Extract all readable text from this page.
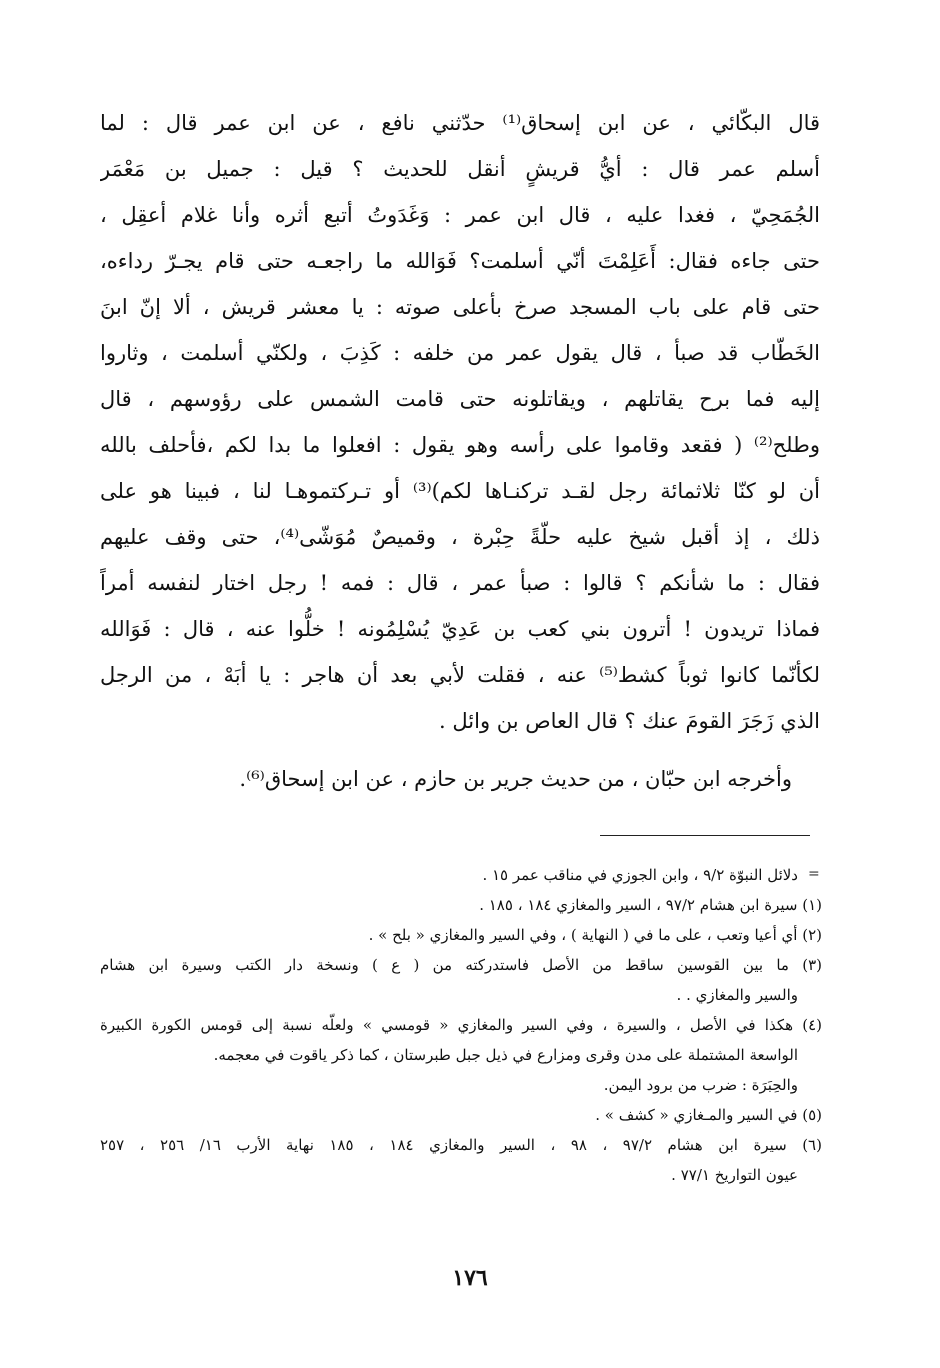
قال البكّائي ، عن ابن إسحاق⁽¹⁾ حدّثني نافع ، عن ابن عمر قال : لما

أسلم عمر قال : أيُّ قريشٍ أنقل للحديث ؟ قيل : جميل بن مَعْمَر

الجُمَحِيّ ، فغدا عليه ، قال ابن عمر : وَغَدَوتُ أتبع أثره وأنا غلام أعقِل ،

حتى جاءه فقال: أَعَلِمْتَ أنّي أسلمت؟ فَوَالله ما راجعـه حتى قام يجـرّ رداءه،

حتى قام على باب المسجد صرخ بأعلى صوته : يا معشر قريش ، ألا إنّ ابنَ

الخَطّاب قد صبأ ، قال يقول عمر من خلفه : كَذِبَ ، ولكنّي أسلمت ، وثاروا

إليه فما برح يقاتلهم ، ويقاتلونه حتى قامت الشمس على رؤوسهم ، قال

وطلح⁽²⁾ ( فقعد وقاموا على رأسه وهو يقول : افعلوا ما بدا لكم ،فأحلف بالله

أن لو كنّا ثلاثمائة رجل لقـد تركنـاها لكم)⁽³⁾ أو تـركتموهـا لنا ، فبينا هو على

ذلك ، إذ أقبل شيخ عليه حلّةً حِبْرة ، وقميصٌ مُوَشّى⁽⁴⁾، حتى وقف عليهم

فقال : ما شأنكم ؟ قالوا : صبأ عمر ، قال : فمه ! رجل اختار لنفسه أمراً

فماذا تريدون ! أترون بني كعب بن عَدِيّ يُسْلِمُونه ! خلُّوا عنه ، قال : فَوَالله

لكأنّما كانوا ثوباً كشط⁽⁵⁾ عنه ، فقلت لأبي بعد أن هاجر : يا أبَهْ ، من الرجل

الذي زَجَرَ القومَ عنك ؟ قال العاص بن وائل .

وأخرجه ابن حبّان ، من حديث جرير بن حازم ، عن ابن إسحاق⁽⁶⁾.

=

دلائل النبوّة ٩/٢ ، وابن الجوزي في مناقب عمر ١٥ .

(١) سيرة ابن هشام ٩٧/٢ ، السير والمغازي ١٨٤ ، ١٨٥ .

(٢) أي أعيا وتعب ، على ما في ( النهاية ) ، وفي السير والمغازي « بلح » .

(٣) ما بين القوسين ساقط من الأصل فاستدركته من ( ع ) ونسخة دار الكتب وسيرة ابن هشام

والسير والمغازي . .

(٤) هكذا في الأصل ، والسيرة ، وفي السير والمغازي « قومسي » ولعلّه نسبة إلى قومس الكورة الكبيرة

الواسعة المشتملة على مدن وقرى ومزارع في ذيل جبل طبرستان ، كما ذكر ياقوت في معجمه.

والحِبَرَة : ضرب من برود اليمن.

(٥) في السير والمـغازي « كشف » .

(٦) سيرة ابن هشام ٩٧/٢ ، ٩٨ ، السير والمغازي ١٨٤ ، ١٨٥ نهاية الأرب ١٦/ ٢٥٦ ، ٢٥٧

عيون التواريخ ٧٧/١ .

١٧٦
